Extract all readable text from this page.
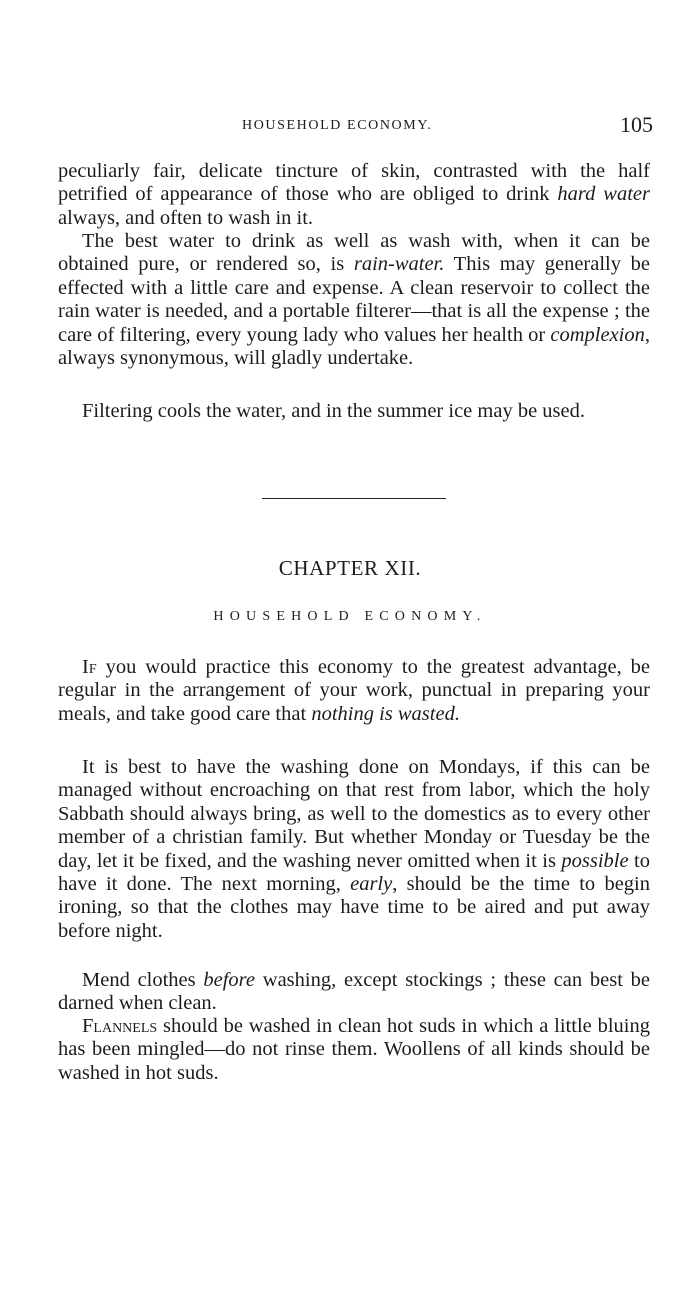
HOUSEHOLD ECONOMY.	105

peculiarly fair, delicate tincture of skin, contrasted with the half petrified of appearance of those who are obliged to drink hard water always, and often to wash in it.

The best water to drink as well as wash with, when it can be obtained pure, or rendered so, is rain-water. This may generally be effected with a little care and expense. A clean reservoir to collect the rain water is needed, and a portable filterer—that is all the expense ; the care of filtering, every young lady who values her health or complexion, always synonymous, will gladly undertake.

Filtering cools the water, and in the summer ice may be used.

CHAPTER XII.
HOUSEHOLD ECONOMY.

If you would practice this economy to the greatest advantage, be regular in the arrangement of your work, punctual in preparing your meals, and take good care that nothing is wasted.

It is best to have the washing done on Mondays, if this can be managed without encroaching on that rest from labor, which the holy Sabbath should always bring, as well to the domestics as to every other member of a christian family. But whether Monday or Tuesday be the day, let it be fixed, and the washing never omitted when it is possible to have it done. The next morning, early, should be the time to begin ironing, so that the clothes may have time to be aired and put away before night.

Mend clothes before washing, except stockings ; these can best be darned when clean.

Flannels should be washed in clean hot suds in which a little bluing has been mingled—do not rinse them. Woollens of all kinds should be washed in hot suds.
